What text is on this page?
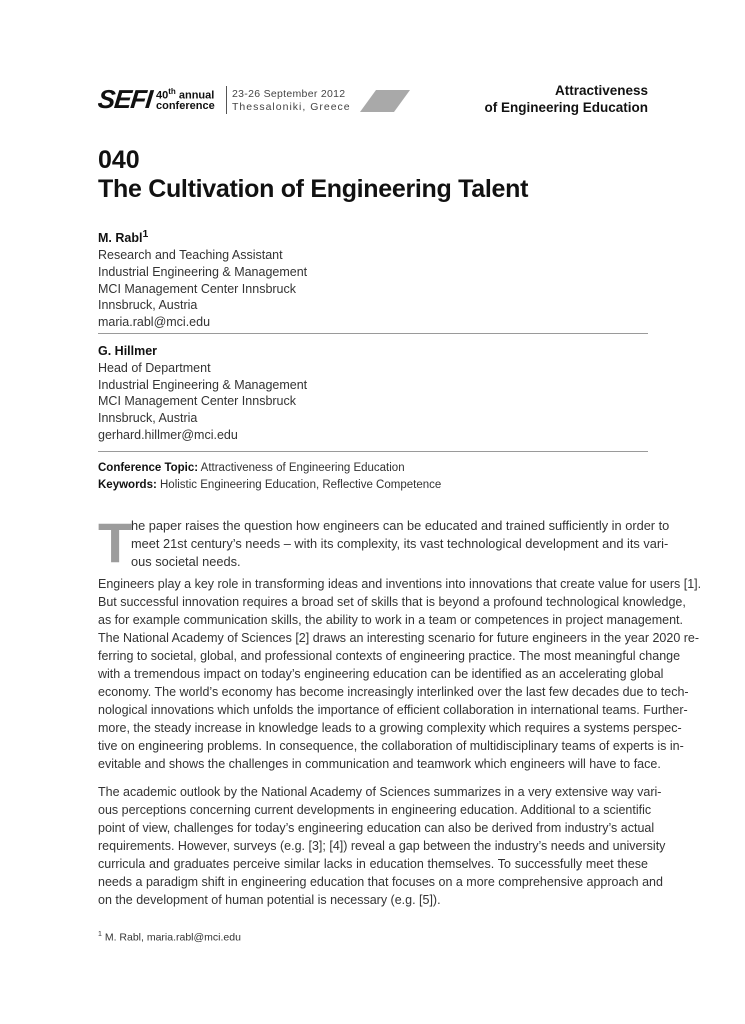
SEFI 40th annual
conference
23-26 September 2012
Thessaloniki, Greece
Attractiveness
of Engineering Education
040
The Cultivation of Engineering Talent
M. Rabl$^1$
Research and Teaching Assistant
Industrial Engineering & Management
MCI Management Center Innsbruck
Innsbruck, Austria
maria.rabl@mci.edu
G. Hillmer
Head of Department
Industrial Engineering & Management
MCI Management Center Innsbruck
Innsbruck, Austria
gerhard.hillmer@mci.edu
Conference Topic: Attractiveness of Engineering Education
Keywords: Holistic Engineering Education, Reflective Competence
T
he paper raises the question how engineers can be educated and trained sufficiently in order to
meet 21st century’s needs – with its complexity, its vast technological development and its vari-
ous societal needs.
Engineers play a key role in transforming ideas and inventions into innovations that create value for users [1].
But successful innovation requires a broad set of skills that is beyond a profound technological knowledge,
as for example communication skills, the ability to work in a team or competences in project management.
The National Academy of Sciences [2] draws an interesting scenario for future engineers in the year 2020 re-
ferring to societal, global, and professional contexts of engineering practice. The most meaningful change
with a tremendous impact on today’s engineering education can be identified as an accelerating global
economy. The world’s economy has become increasingly interlinked over the last few decades due to tech-
nological innovations which unfolds the importance of efficient collaboration in international teams. Further-
more, the steady increase in knowledge leads to a growing complexity which requires a systems perspec-
tive on engineering problems. In consequence, the collaboration of multidisciplinary teams of experts is in-
evitable and shows the challenges in communication and teamwork which engineers will have to face.
The academic outlook by the National Academy of Sciences summarizes in a very extensive way vari-
ous perceptions concerning current developments in engineering education. Additional to a scientific
point of view, challenges for today’s engineering education can also be derived from industry’s actual
requirements. However, surveys (e.g. [3]; [4]) reveal a gap between the industry’s needs and university
curricula and graduates perceive similar lacks in education themselves. To successfully meet these
needs a paradigm shift in engineering education that focuses on a more comprehensive approach and
on the development of human potential is necessary (e.g. [5]).
$^1$ M. Rabl, maria.rabl@mci.edu
